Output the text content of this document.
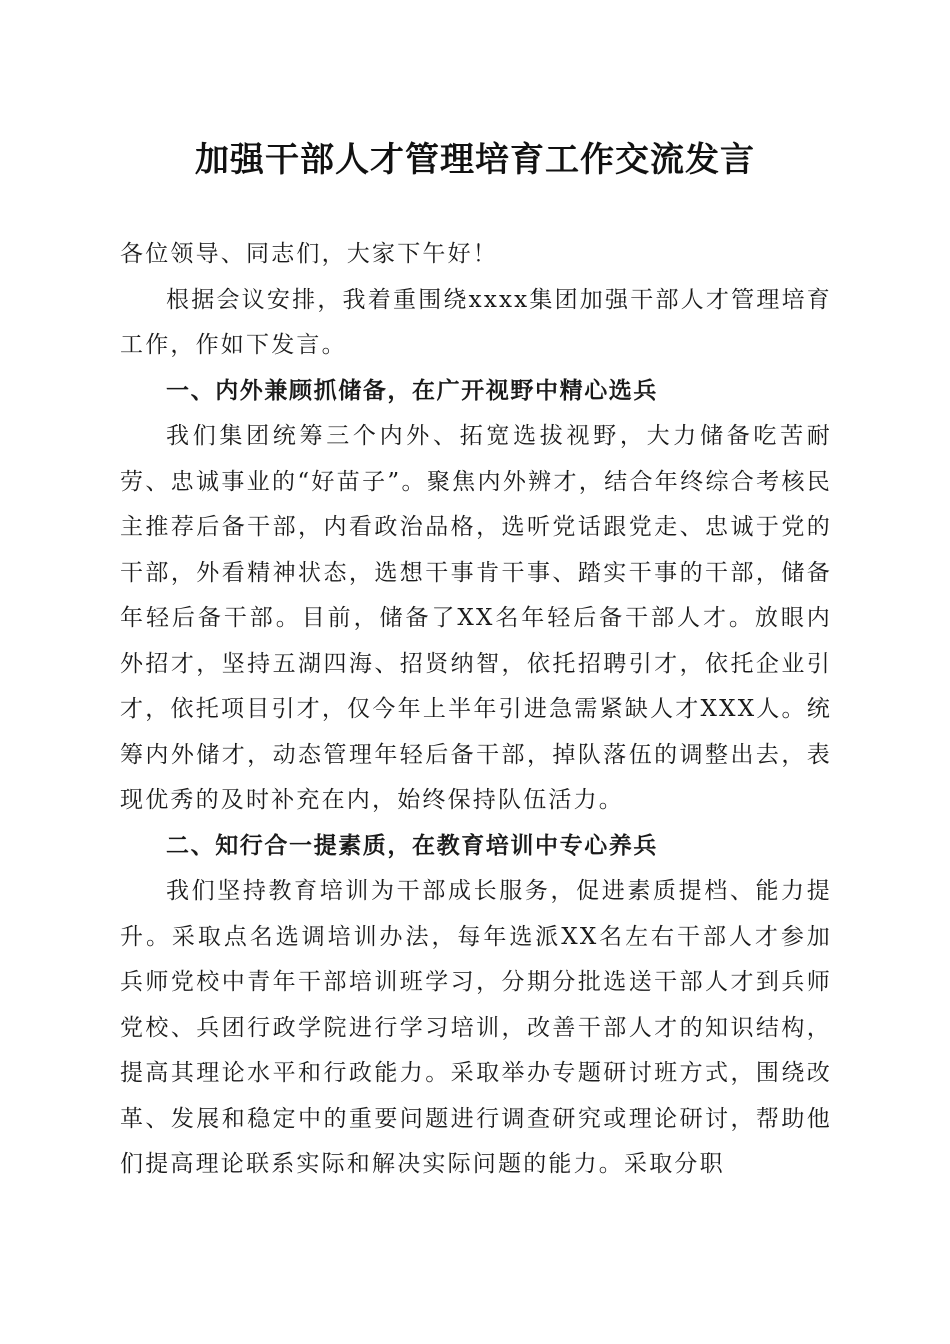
加强干部人才管理培育工作交流发言

各位领导、同志们，大家下午好！

根据会议安排，我着重围绕xxxx集团加强干部人才管理培育工作，作如下发言。

一、内外兼顾抓储备，在广开视野中精心选兵

我们集团统筹三个内外、拓宽选拔视野，大力储备吃苦耐劳、忠诚事业的“好苗子”。聚焦内外辨才，结合年终综合考核民主推荐后备干部，内看政治品格，选听党话跟党走、忠诚于党的干部，外看精神状态，选想干事肯干事、踏实干事的干部，储备年轻后备干部。目前，储备了XX名年轻后备干部人才。放眼内外招才，坚持五湖四海、招贤纳智，依托招聘引才，依托企业引才，依托项目引才，仅今年上半年引进急需紧缺人才XXX人。统筹内外储才，动态管理年轻后备干部，掉队落伍的调整出去，表现优秀的及时补充在内，始终保持队伍活力。

二、知行合一提素质，在教育培训中专心养兵

我们坚持教育培训为干部成长服务，促进素质提档、能力提升。采取点名选调培训办法，每年选派XX名左右干部人才参加兵师党校中青年干部培训班学习，分期分批选送干部人才到兵师党校、兵团行政学院进行学习培训，改善干部人才的知识结构，提高其理论水平和行政能力。采取举办专题研讨班方式，围绕改革、发展和稳定中的重要问题进行调查研究或理论研讨，帮助他们提高理论联系实际和解决实际问题的能力。采取分职
